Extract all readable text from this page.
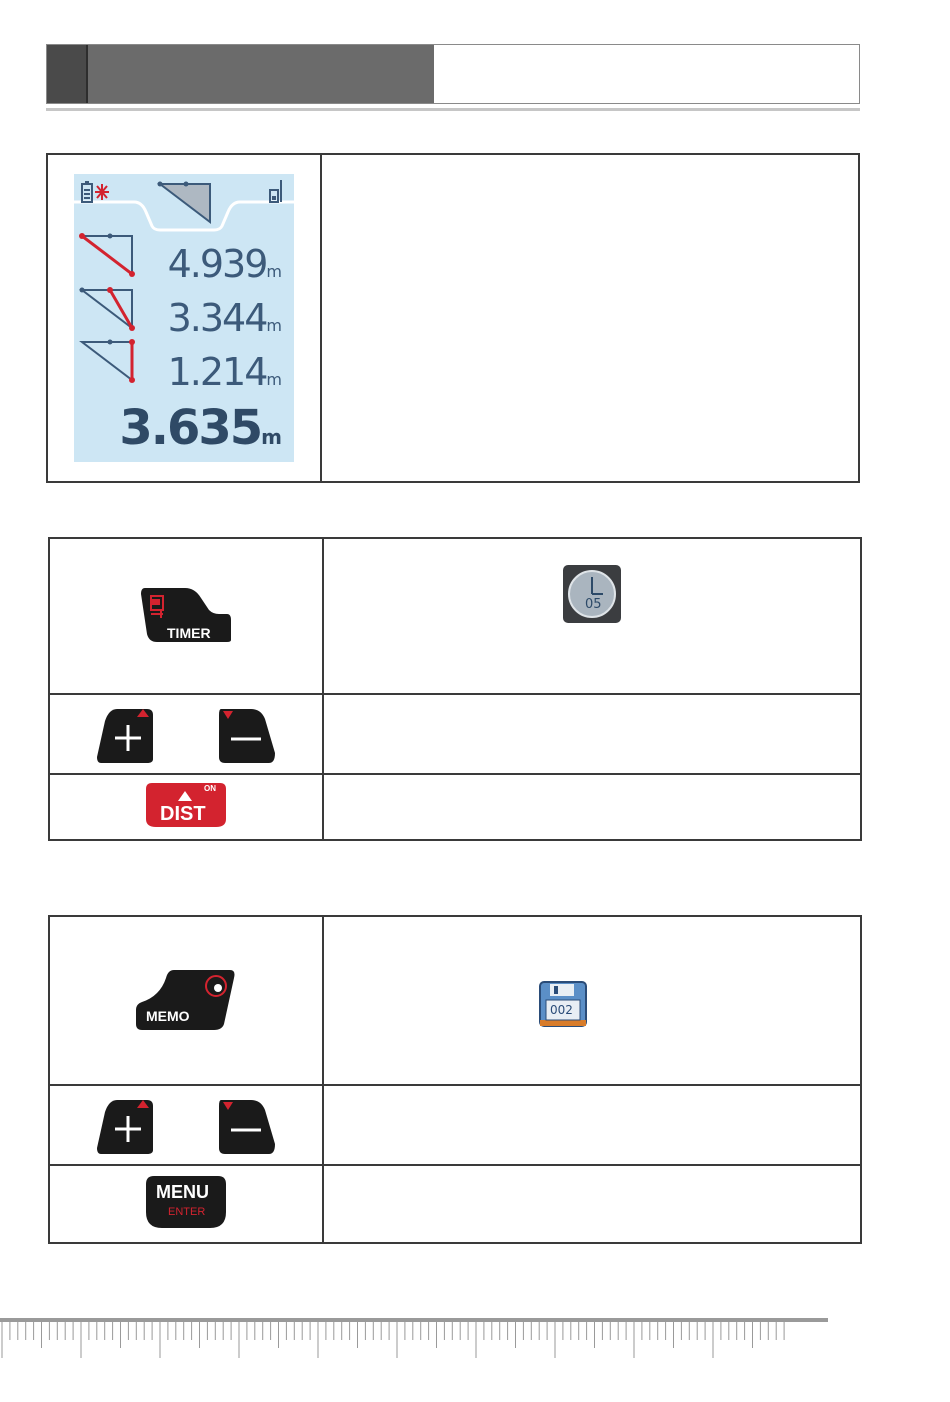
4.939m
3.344m
1.214m
3.635m

TIMER	05

ON
DIST	

MEMO	002

MENU
ENTER	
